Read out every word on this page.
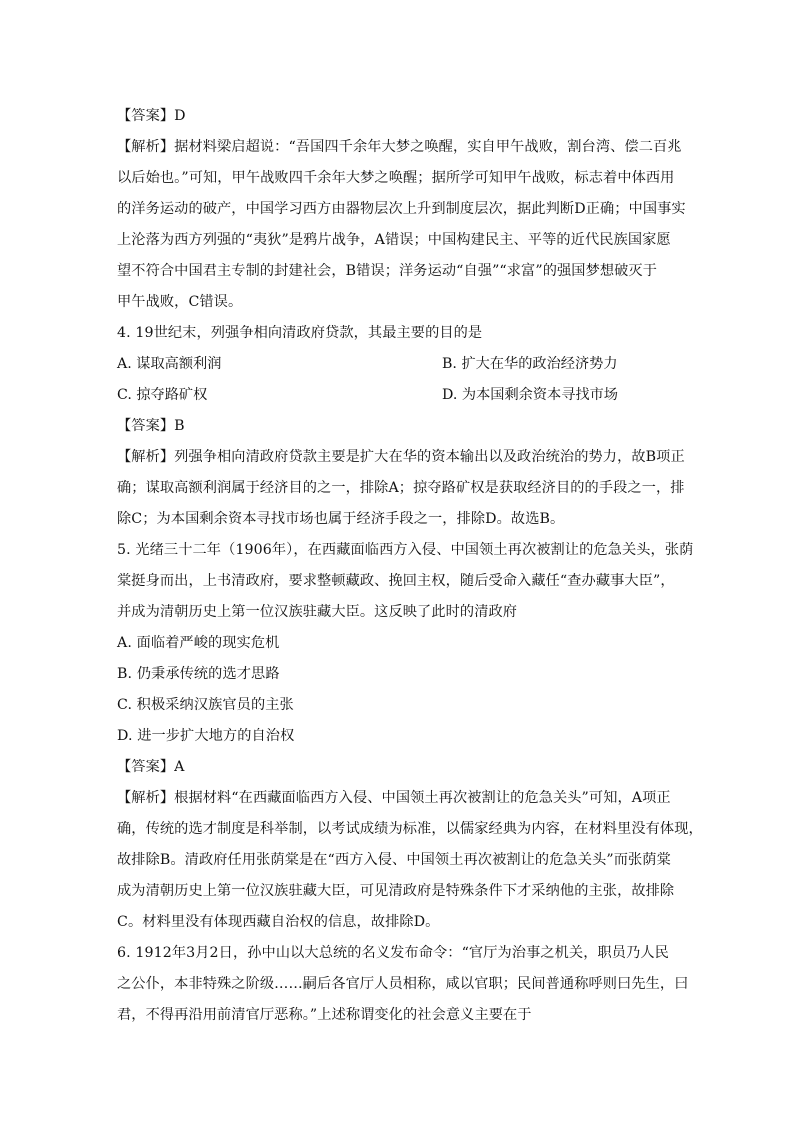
【答案】D
【解析】据材料梁启超说：“吾国四千余年大梦之唤醒，实自甲午战败，割台湾、偿二百兆
以后始也。”可知，甲午战败四千余年大梦之唤醒；据所学可知甲午战败，标志着中体西用
的洋务运动的破产，中国学习西方由器物层次上升到制度层次，据此判断D正确；中国事实
上沦落为西方列强的“夷狄”是鸦片战争，A错误；中国构建民主、平等的近代民族国家愿
望不符合中国君主专制的封建社会，B错误；洋务运动“自强”“求富”的强国梦想破灭于
甲午战败，C错误。
4. 19世纪末，列强争相向清政府贷款，其最主要的目的是
A. 谋取高额利润	B. 扩大在华的政治经济势力
C. 掠夺路矿权	D. 为本国剩余资本寻找市场
【答案】B
【解析】列强争相向清政府贷款主要是扩大在华的资本输出以及政治统治的势力，故B项正
确；谋取高额利润属于经济目的之一，排除A；掠夺路矿权是获取经济目的的手段之一，排
除C；为本国剩余资本寻找市场也属于经济手段之一，排除D。故选B。
5. 光绪三十二年（1906年），在西藏面临西方入侵、中国领土再次被割让的危急关头，张荫
棠挺身而出，上书清政府，要求整顿藏政、挽回主权，随后受命入藏任“查办藏事大臣”，
并成为清朝历史上第一位汉族驻藏大臣。这反映了此时的清政府
A. 面临着严峻的现实危机
B. 仍秉承传统的选才思路
C. 积极采纳汉族官员的主张
D. 进一步扩大地方的自治权
【答案】A
【解析】根据材料“在西藏面临西方入侵、中国领土再次被割让的危急关头”可知，A项正
确，传统的选才制度是科举制，以考试成绩为标准，以儒家经典为内容，在材料里没有体现，
故排除B。清政府任用张荫棠是在“西方入侵、中国领土再次被割让的危急关头”而张荫棠
成为清朝历史上第一位汉族驻藏大臣，可见清政府是特殊条件下才采纳他的主张，故排除
C。材料里没有体现西藏自治权的信息，故排除D。
6. 1912年3月2日，孙中山以大总统的名义发布命令：“官厅为治事之机关，职员乃人民
之公仆，本非特殊之阶级……嗣后各官厅人员相称，咸以官职；民间普通称呼则曰先生，曰
君，不得再沿用前清官厅恶称。”上述称谓变化的社会意义主要在于
